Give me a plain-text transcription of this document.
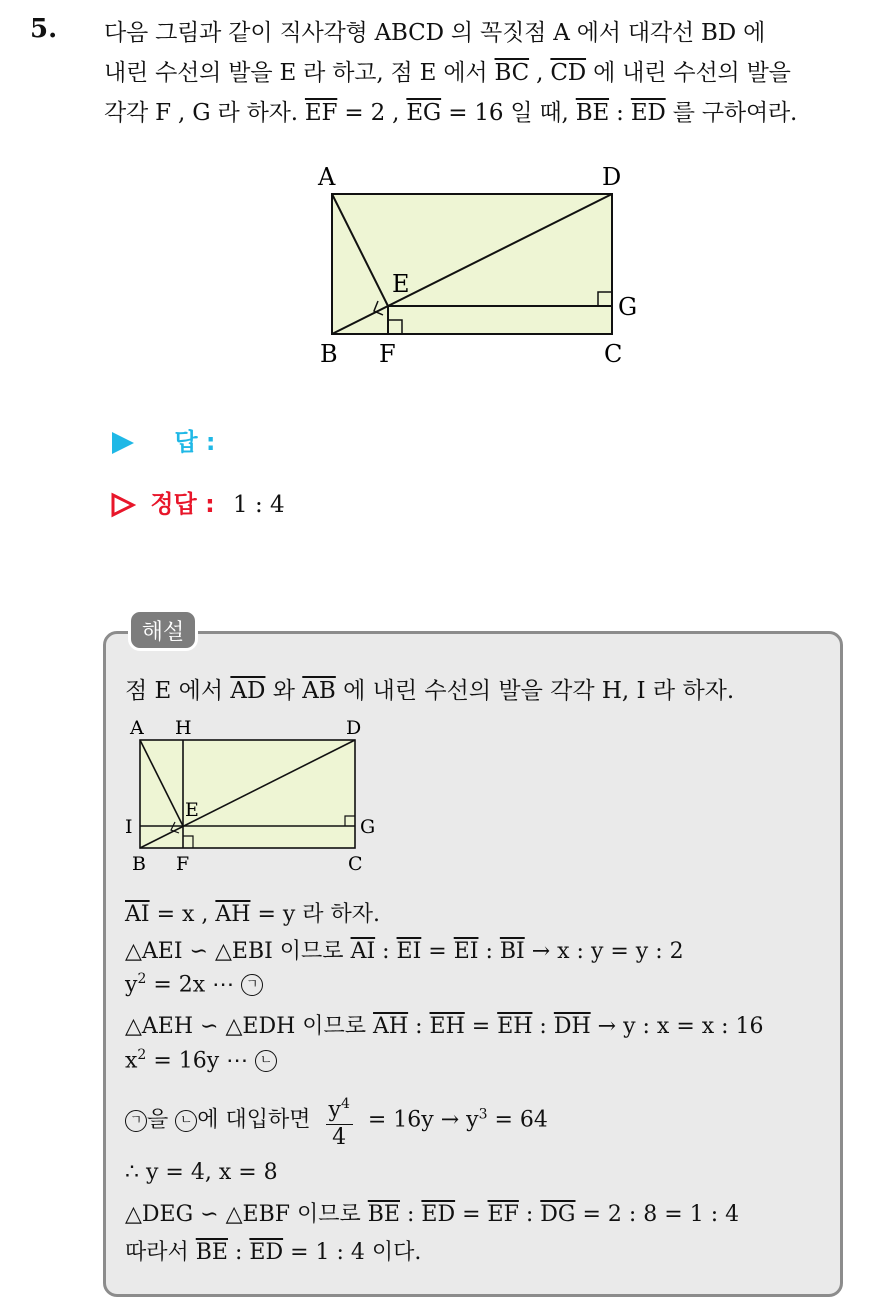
5. 다음 그림과 같이 직사각형 ABCD 의 꼭짓점 A 에서 대각선 BD 에
내린 수선의 발을 E 라 하고, 점 E 에서 $\overline{BC}$ , $\overline{CD}$ 에 내린 수선의 발을
각각 F , G 라 하자. $\overline{EF} = 2$ , $\overline{EG} = 16$ 일 때, $\overline{BE}$ : $\overline{ED}$ 를 구하여라.
A	D
E
G
B F	C
답 :
정답 : 1 : 4
해설
점 E 에서 $\overline{AD}$ 와 $\overline{AB}$ 에 내린 수선의 발을 각각 H, I 라 하자.
A H	D
E
I	G
B F	C
$\overline{AI} = x$ , $\overline{AH} = y$ 라 하자.
△AEI ∽ △EBI 이므로 $\overline{AI}$ : $\overline{EI} = \overline{EI}$ : $\overline{BI} \to x$ : y = y : 2
$y^2 = 2x$ ⋯ ㄱ
△AEH ∽ △EDH 이므로 $\overline{AH}$ : $\overline{EH} = \overline{EH}$ : $\overline{DH} \to y$ : x = x : 16
$x^2 = 16y$ ⋯ ㄴ
ㄱ 을 ㄴ 에 대입하면 $\frac{y^4}{4} = 16y \to y^3 = 64$
∴ y = 4, x = 8
△DEG ∽ △EBF 이므로 $\overline{BE}$ : $\overline{ED} = \overline{EF}$ : $\overline{DG} = 2$ : 8 = 1 : 4
따라서 $\overline{BE}$ : $\overline{ED} = 1$ : 4 이다.
